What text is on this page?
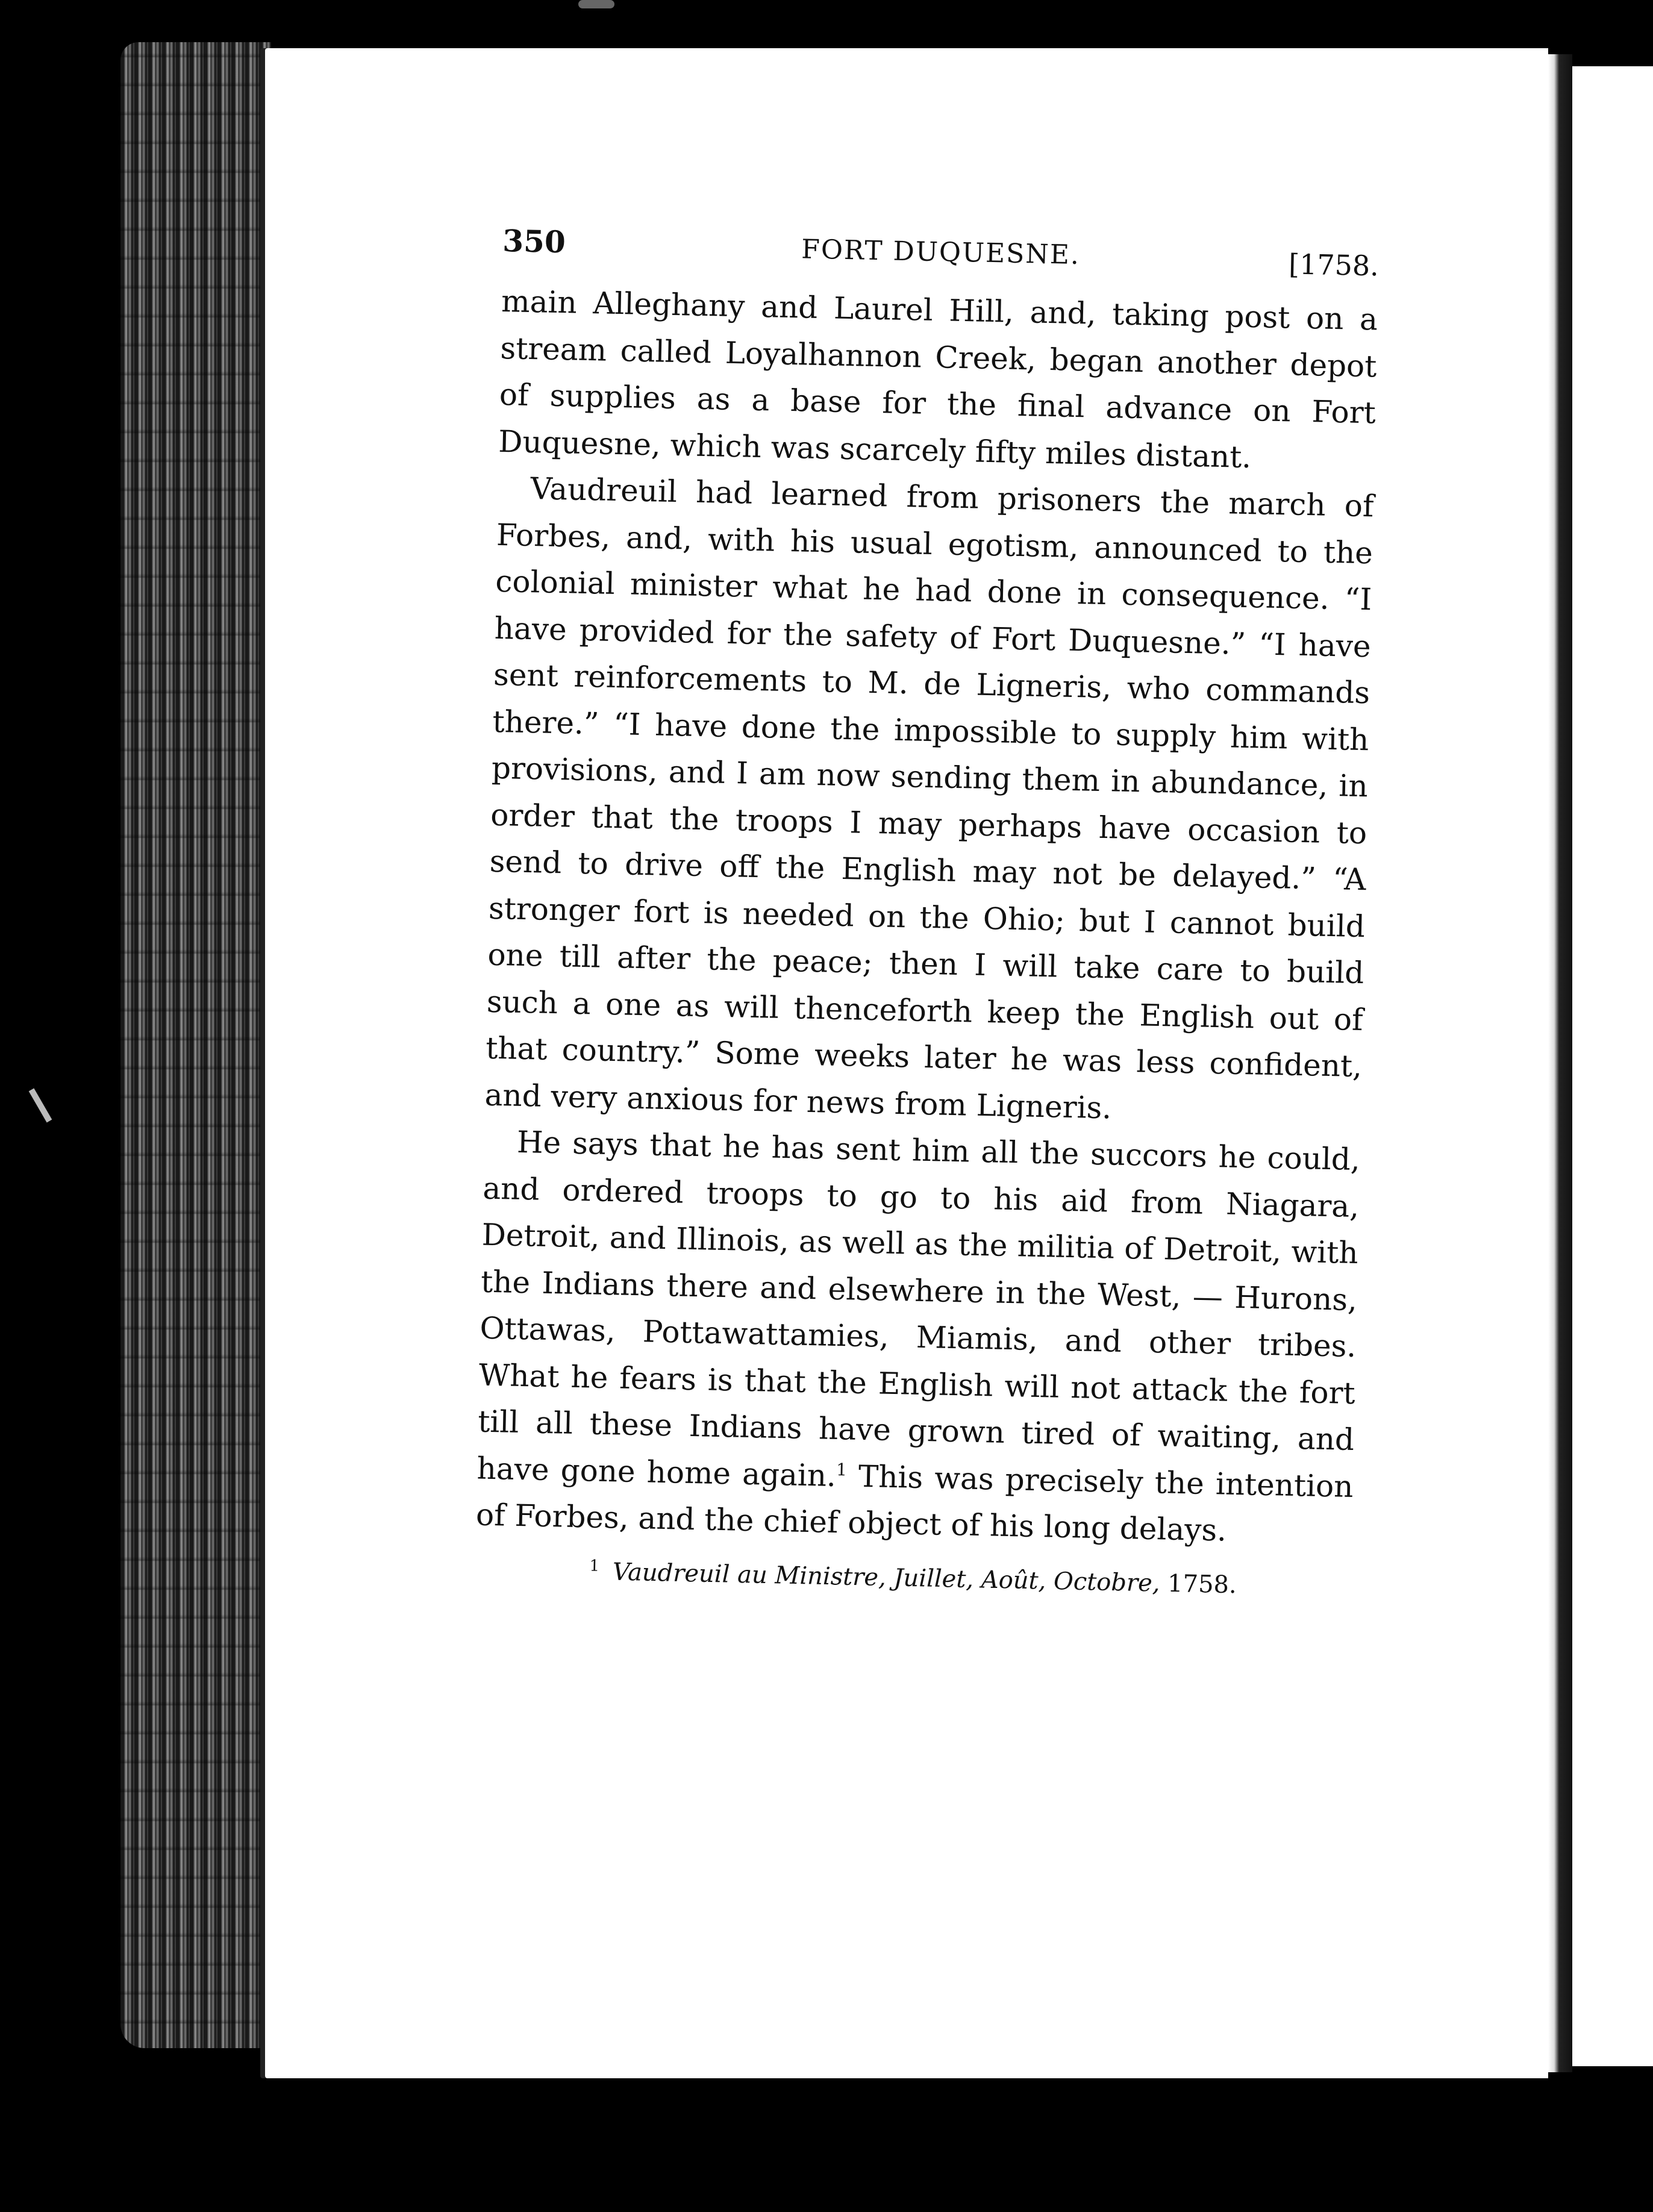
350	FORT DUQUESNE.	[1758.

main Alleghany and Laurel Hill, and, taking post on a stream called Loyalhannon Creek, began another depot of supplies as a base for the final advance on Fort Duquesne, which was scarcely fifty miles distant.

Vaudreuil had learned from prisoners the march of Forbes, and, with his usual egotism, announced to the colonial minister what he had done in consequence. “I have provided for the safety of Fort Duquesne.” “I have sent reinforcements to M. de Ligneris, who commands there.” “I have done the impossible to supply him with provisions, and I am now sending them in abundance, in order that the troops I may perhaps have occasion to send to drive off the English may not be delayed.” “A stronger fort is needed on the Ohio; but I cannot build one till after the peace; then I will take care to build such a one as will thenceforth keep the English out of that country.” Some weeks later he was less confident, and very anxious for news from Ligneris.

He says that he has sent him all the succors he could, and ordered troops to go to his aid from Niagara, Detroit, and Illinois, as well as the militia of Detroit, with the Indians there and elsewhere in the West, — Hurons, Ottawas, Pottawattamies, Miamis, and other tribes. What he fears is that the English will not attack the fort till all these Indians have grown tired of waiting, and have gone home again.$^1$ This was precisely the intention of Forbes, and the chief object of his long delays.

$^1$ Vaudreuil au Ministre, Juillet, Août, Octobre, 1758.
